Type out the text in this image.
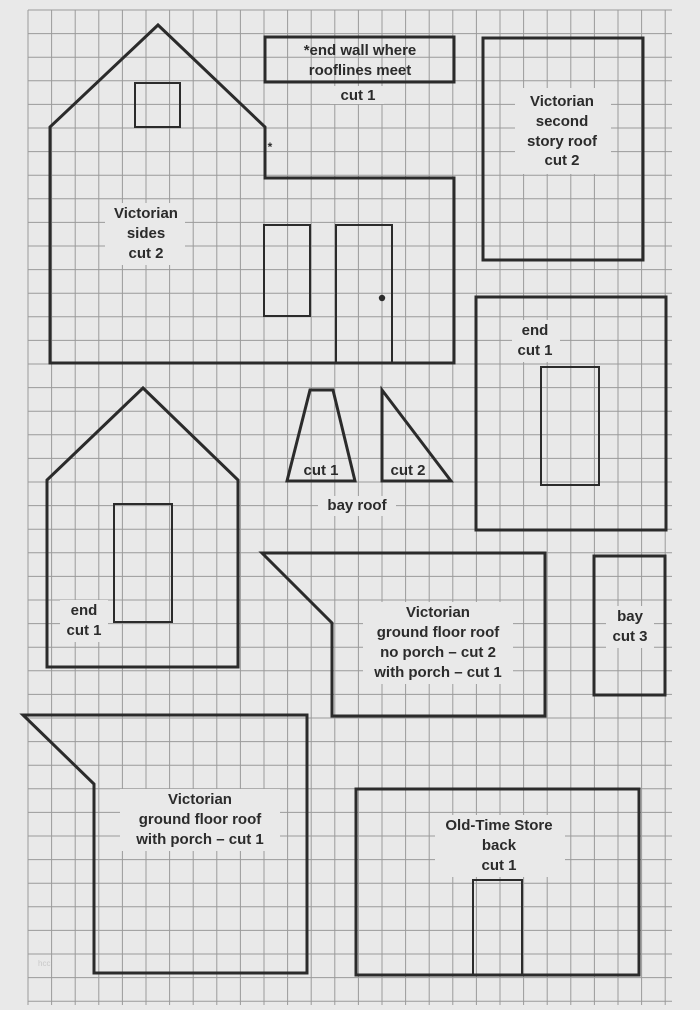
*end wall where
rooflines meet
cut 1	Victorian
second
story roof
cut 2
*
Victorian
sides
cut 2
end
cut 1
cut 1	cut 2
bay roof
end
cut 1
Victorian
ground floor roof
no porch – cut 2
with porch – cut 1
bay
cut 3
Victorian
ground floor roof
with porch – cut 1
Old-Time Store
back
cut 1
hcc
